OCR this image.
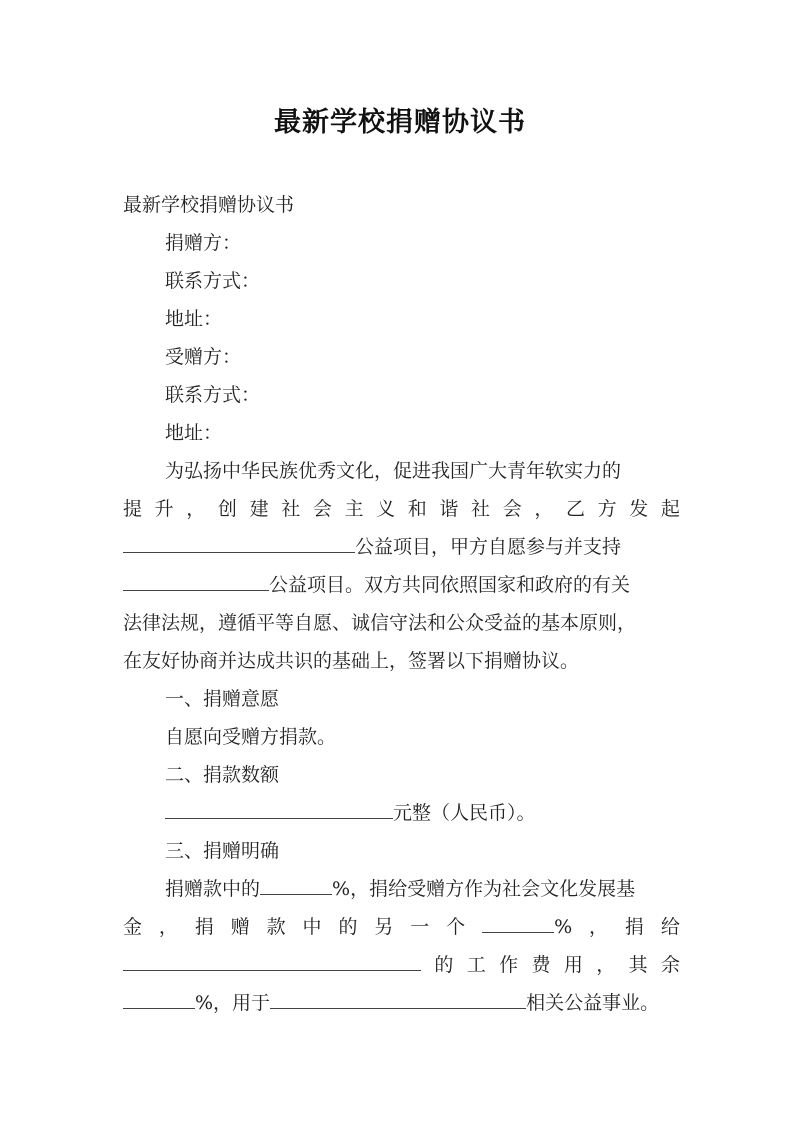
最新学校捐赠协议书
最新学校捐赠协议书
捐赠方：
联系方式：
地址：
受赠方：
联系方式：
地址：
为弘扬中华民族优秀文化，促进我国广大青年软实力的
提 升 ， 创 建 社 会 主 义 和 谐 社 会 ， 乙 方 发 起
公益项目，甲方自愿参与并支持
公益项目。双方共同依照国家和政府的有关
法律法规，遵循平等自愿、诚信守法和公众受益的基本原则，
在友好协商并达成共识的基础上，签署以下捐赠协议。
一、捐赠意愿
自愿向受赠方捐款。
二、捐款数额
元整（人民币）。
三、捐赠明确
捐赠款中的	%，捐给受赠方作为社会文化发展基
金 ， 捐 赠 款 中 的 另 一 个	% ， 捐 给
的 工 作 费 用 ， 其 余
%，用于	相关公益事业。
